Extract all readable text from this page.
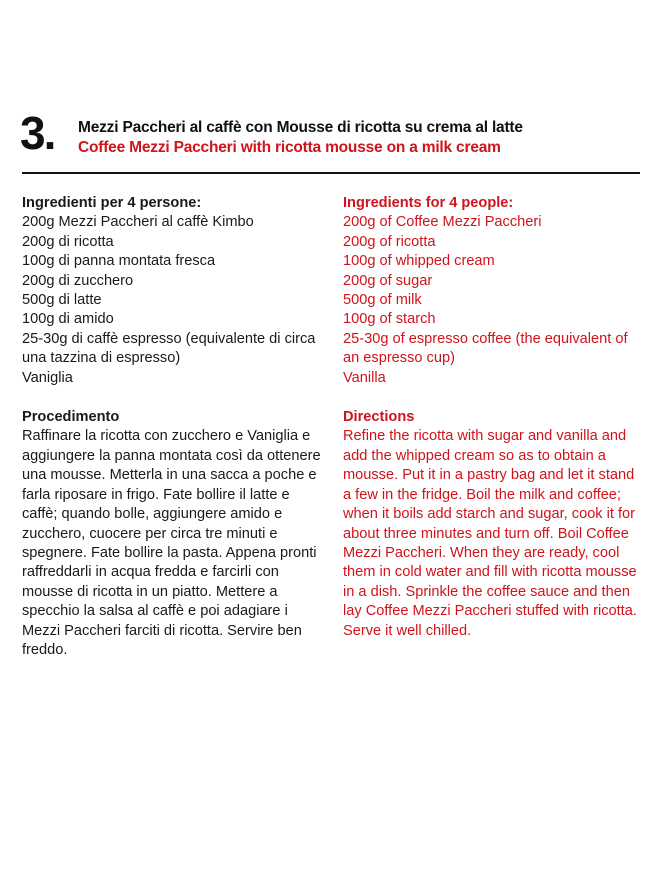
3. Mezzi Paccheri al caffè con Mousse di ricotta su crema al latte
Coffee Mezzi Paccheri with ricotta mousse on a milk cream
Ingredienti per 4 persone:
200g Mezzi Paccheri al caffè Kimbo
200g di ricotta
100g di panna montata fresca
200g di zucchero
500g di latte
100g di amido
25-30g di caffè espresso (equivalente di circa una tazzina di espresso)
Vaniglia
Procedimento

Raffinare la ricotta con zucchero e Vaniglia e aggiungere la panna montata così da ottenere una mousse. Metterla in una sacca a poche e farla riposare in frigo. Fate bollire il latte e caffè; quando bolle, aggiungere amido e zucchero, cuocere per circa tre minuti e spegnere. Fate bollire la pasta. Appena pronti raffreddarli in acqua fredda e farcirli con mousse di ricotta in un piatto. Mettere a specchio la salsa al caffè e poi adagiare i Mezzi Paccheri farciti di ricotta. Servire ben freddo.

Ingredients for 4 people:
200g of Coffee Mezzi Paccheri
200g of ricotta
100g of whipped cream
200g of sugar
500g of milk
100g of starch
25-30g of espresso coffee (the equivalent of an espresso cup)
Vanilla
Directions

Refine the ricotta with sugar and vanilla and add the whipped cream so as to obtain a mousse. Put it in a pastry bag and let it stand a few in the fridge. Boil the milk and coffee; when it boils add starch and sugar, cook it for about three minutes and turn off. Boil Coffee Mezzi Paccheri. When they are ready, cool them in cold water and fill with ricotta mousse in a dish. Sprinkle the coffee sauce and then lay Coffee Mezzi Paccheri stuffed with ricotta. Serve it well chilled.
